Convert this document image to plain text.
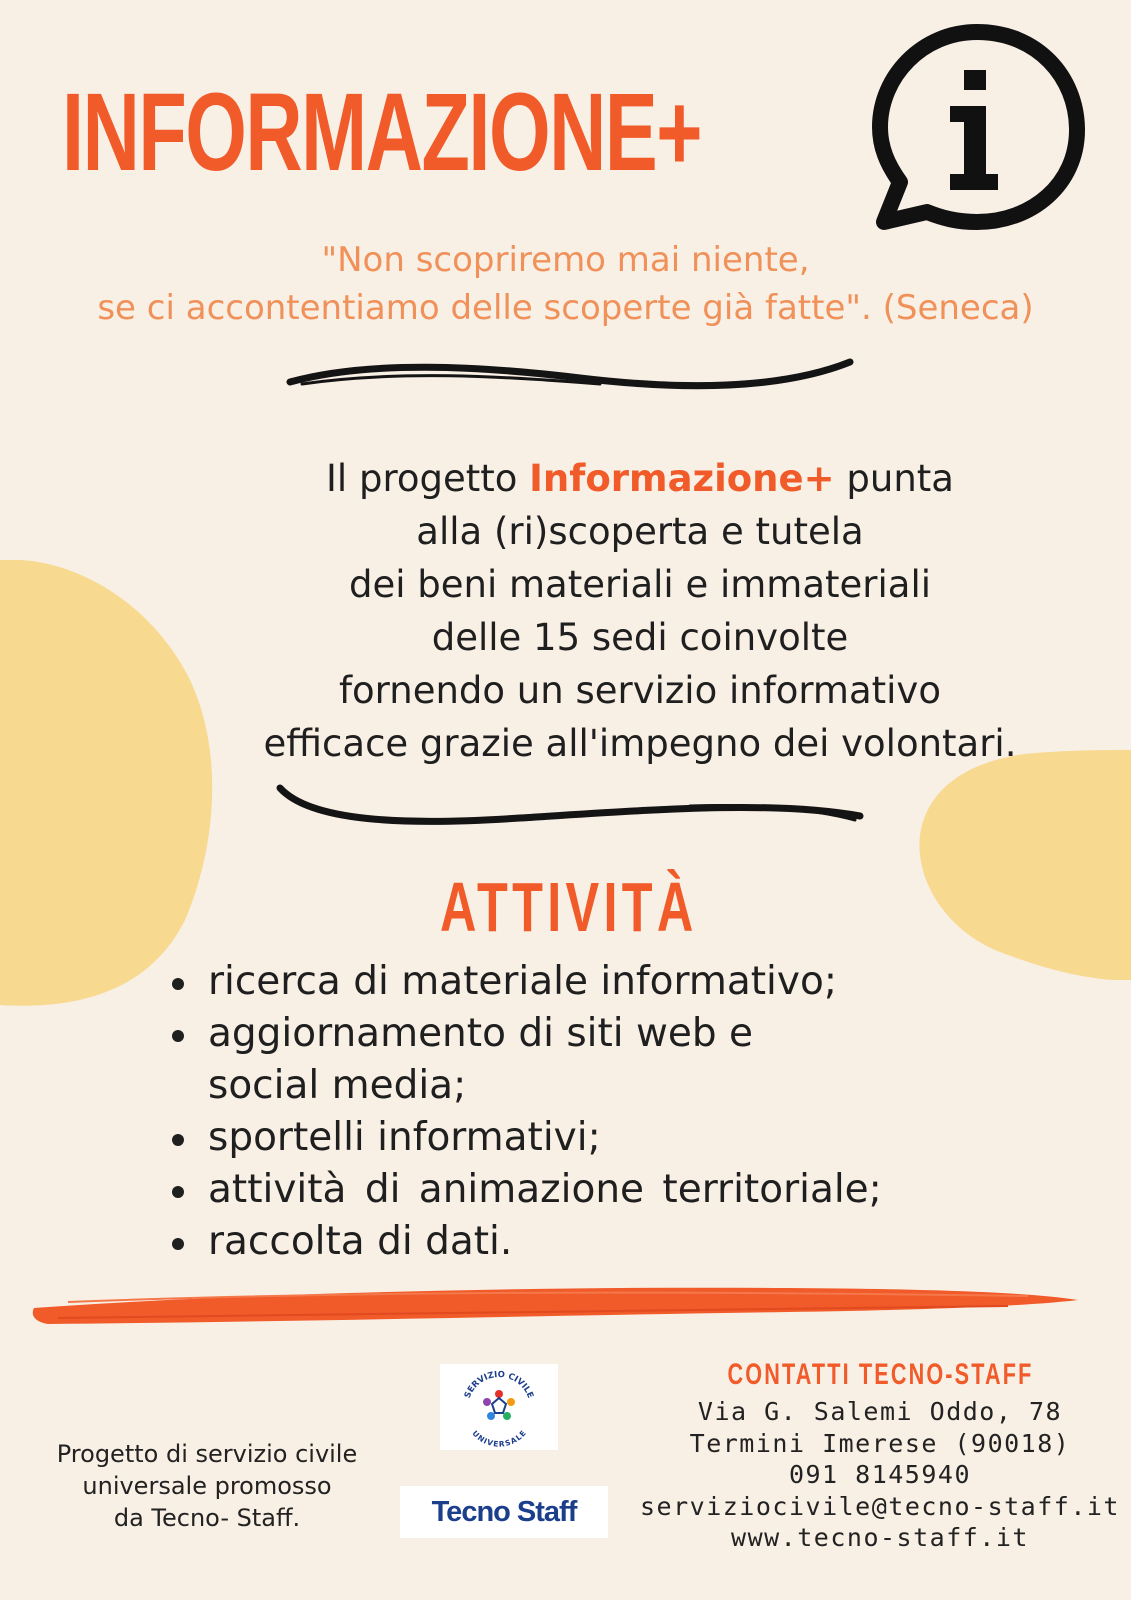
INFORMAZIONE+
"Non scopriremo mai niente,
se ci accontentiamo delle scoperte già fatte". (Seneca)
Il progetto Informazione+ punta
alla (ri)scoperta e tutela
dei beni materiali e immateriali
delle 15 sedi coinvolte
fornendo un servizio informativo
efficace grazie all'impegno dei volontari.
ATTIVITÀ
ricerca di materiale informativo;
aggiornamento di siti web e social media;
sportelli informativi;
attività di animazione territoriale;
raccolta di dati.
Progetto di servizio civile
universale promosso
da Tecno- Staff.
SERVIZIO CIVILE
UNIVERSALE
Tecno Staff
CONTATTI TECNO-STAFF
Via G. Salemi Oddo, 78
Termini Imerese (90018)
091 8145940
serviziocivile@tecno-staff.it
www.tecno-staff.it
